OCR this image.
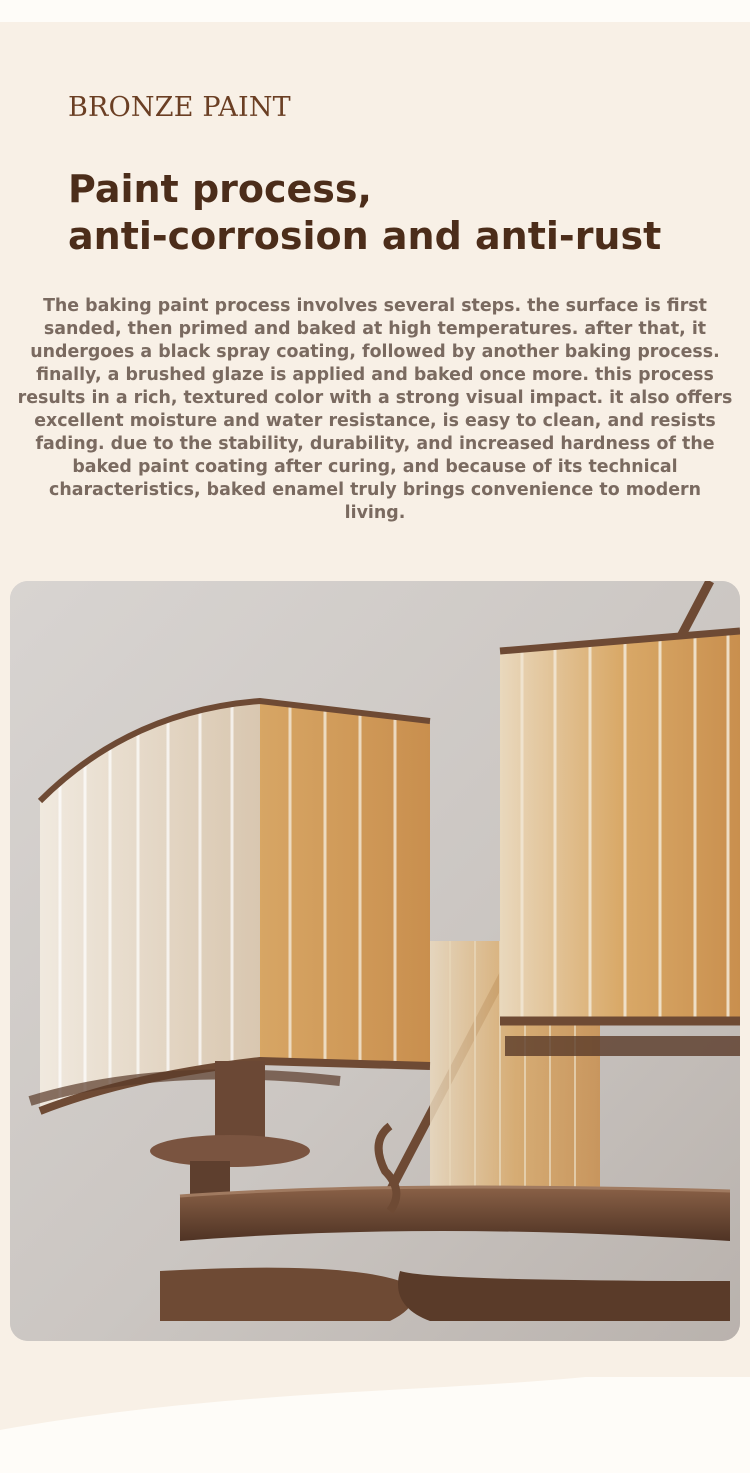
BRONZE PAINT
Paint process,
anti-corrosion and anti-rust

The baking paint process involves several steps. the surface is first sanded, then primed and baked at high temperatures. after that, it undergoes a black spray coating, followed by another baking process. finally, a brushed glaze is applied and baked once more. this process results in a rich, textured color with a strong visual impact. it also offers excellent moisture and water resistance, is easy to clean, and resists fading. due to the stability, durability, and increased hardness of the baked paint coating after curing, and because of its technical characteristics, baked enamel truly brings convenience to modern living.
